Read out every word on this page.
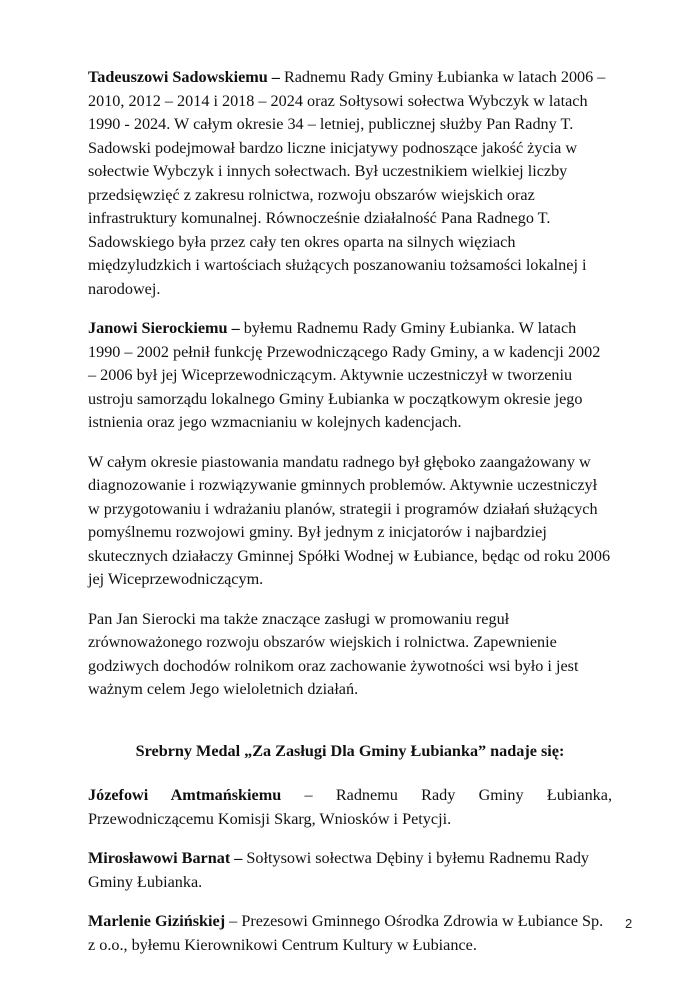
Tadeuszowi Sadowskiemu – Radnemu Rady Gminy Łubianka w latach 2006 – 2010, 2012 – 2014 i 2018 – 2024 oraz Sołtysowi sołectwa Wybczyk w latach 1990 - 2024. W całym okresie 34 – letniej, publicznej służby Pan Radny T. Sadowski podejmował bardzo liczne inicjatywy podnoszące jakość życia w sołectwie Wybczyk i innych sołectwach. Był uczestnikiem wielkiej liczby przedsięwzięć z zakresu rolnictwa, rozwoju obszarów wiejskich oraz infrastruktury komunalnej. Równocześnie działalność Pana Radnego T. Sadowskiego była przez cały ten okres oparta na silnych więziach międzyludzkich i wartościach służących poszanowaniu tożsamości lokalnej i narodowej.

Janowi Sierockiemu – byłemu Radnemu Rady Gminy Łubianka. W latach 1990 – 2002 pełnił funkcję Przewodniczącego Rady Gminy, a w kadencji 2002 – 2006 był jej Wiceprzewodniczącym. Aktywnie uczestniczył w tworzeniu ustroju samorządu lokalnego Gminy Łubianka w początkowym okresie jego istnienia oraz jego wzmacnianiu w kolejnych kadencjach.

W całym okresie piastowania mandatu radnego był głęboko zaangażowany w diagnozowanie i rozwiązywanie gminnych problemów. Aktywnie uczestniczył w przygotowaniu i wdrażaniu planów, strategii i programów działań służących pomyślnemu rozwojowi gminy. Był jednym z inicjatorów i najbardziej skutecznych działaczy Gminnej Spółki Wodnej w Łubiance, będąc od roku 2006 jej Wiceprzewodniczącym.

Pan Jan Sierocki ma także znaczące zasługi w promowaniu reguł zrównoważonego rozwoju obszarów wiejskich i rolnictwa. Zapewnienie godziwych dochodów rolnikom oraz zachowanie żywotności wsi było i jest ważnym celem Jego wieloletnich działań.

Srebrny Medal „Za Zasługi Dla Gminy Łubianka” nadaje się:

Józefowi Amtmańskiemu – Radnemu Rady Gminy Łubianka, Przewodniczącemu Komisji Skarg, Wniosków i Petycji.

Mirosławowi Barnat – Sołtysowi sołectwa Dębiny i byłemu Radnemu Rady Gminy Łubianka.

Marlenie Gizińskiej – Prezesowi Gminnego Ośrodka Zdrowia w Łubiance Sp. z o.o., byłemu Kierownikowi Centrum Kultury w Łubiance.

2
